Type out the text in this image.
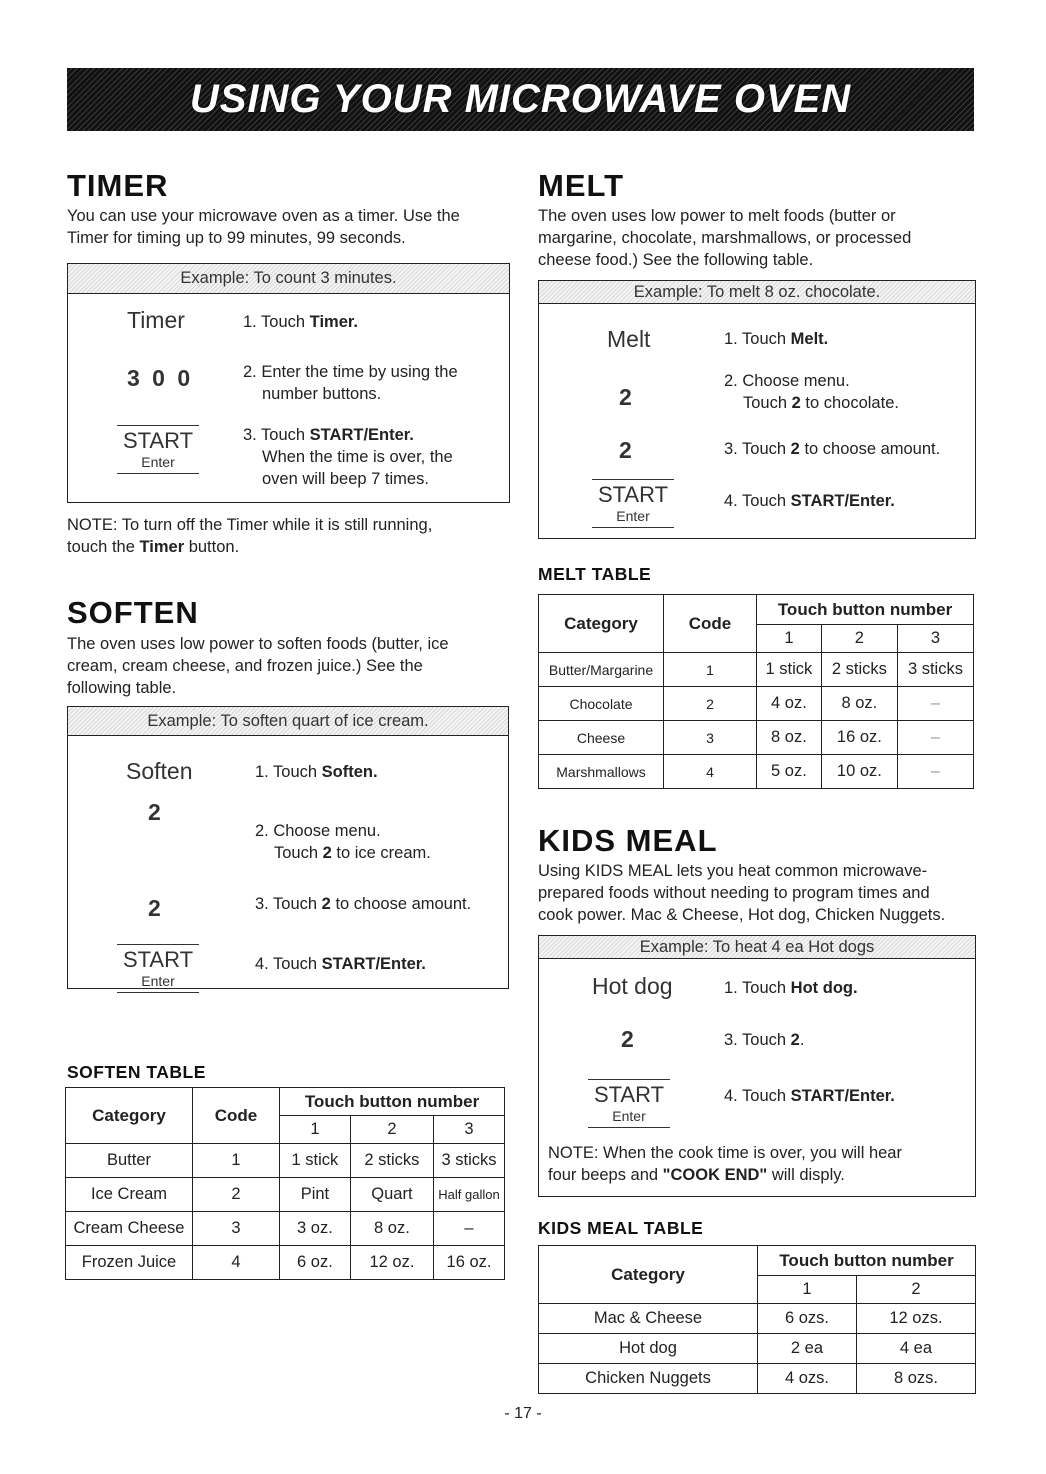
USING YOUR MICROWAVE OVEN
TIMER
You can use your microwave oven as a timer. Use the Timer for timing up to 99 minutes, 99 seconds.
Example: To count 3 minutes.
Timer	1. Touch Timer.
3 0 0	2. Enter the time by using the
number buttons.
START
Enter
3. Touch START/Enter.
When the time is over, the
oven will beep 7 times.
NOTE: To turn off the Timer while it is still running,
touch the Timer button.
SOFTEN
The oven uses low power to soften foods (butter, ice
cream, cream cheese, and frozen juice.) See the
following table.
Example: To soften quart of ice cream.
Soften	1. Touch Soften.
2
2. Choose menu.
Touch 2 to ice cream.
2	3. Touch 2 to choose amount.
START
Enter
4. Touch START/Enter.
SOFTEN TABLE
Category	Code	Touch button number		
		1	2	3
Butter	1	1 stick	2 sticks	3 sticks
Ice Cream	2	Pint	Quart	Half gallon
Cream Cheese	3	3 oz.	8 oz.	–
Frozen Juice	4	6 oz.	12 oz.	16 oz.
MELT
The oven uses low power to melt foods (butter or
margarine, chocolate, marshmallows, or processed
cheese food.) See the following table.
Example: To melt 8 oz. chocolate.
Melt	1. Touch Melt.
2
2. Choose menu.
Touch 2 to chocolate.
2	3. Touch 2 to choose amount.
START
Enter
4. Touch START/Enter.
MELT TABLE
Category	Code	Touch button number		
		1	2	3
Butter/Margarine	1	1 stick	2 sticks	3 sticks
Chocolate	2	4 oz.	8 oz.	–
Cheese	3	8 oz.	16 oz.	–
Marshmallows	4	5 oz.	10 oz.	–
KIDS MEAL
Using KIDS MEAL lets you heat common microwave-
prepared foods without needing to program times and
cook power. Mac & Cheese, Hot dog, Chicken Nuggets.
Example: To heat 4 ea Hot dogs
Hot dog	1. Touch Hot dog.
2	3. Touch 2.
START
Enter
4. Touch START/Enter.
NOTE: When the cook time is over, you will hear
four beeps and "COOK END" will disply.
KIDS MEAL TABLE
Category	Touch button number	
	1	2
Mac & Cheese	6 ozs.	12 ozs.
Hot dog	2 ea	4 ea
Chicken Nuggets	4 ozs.	8 ozs.
- 17 -
